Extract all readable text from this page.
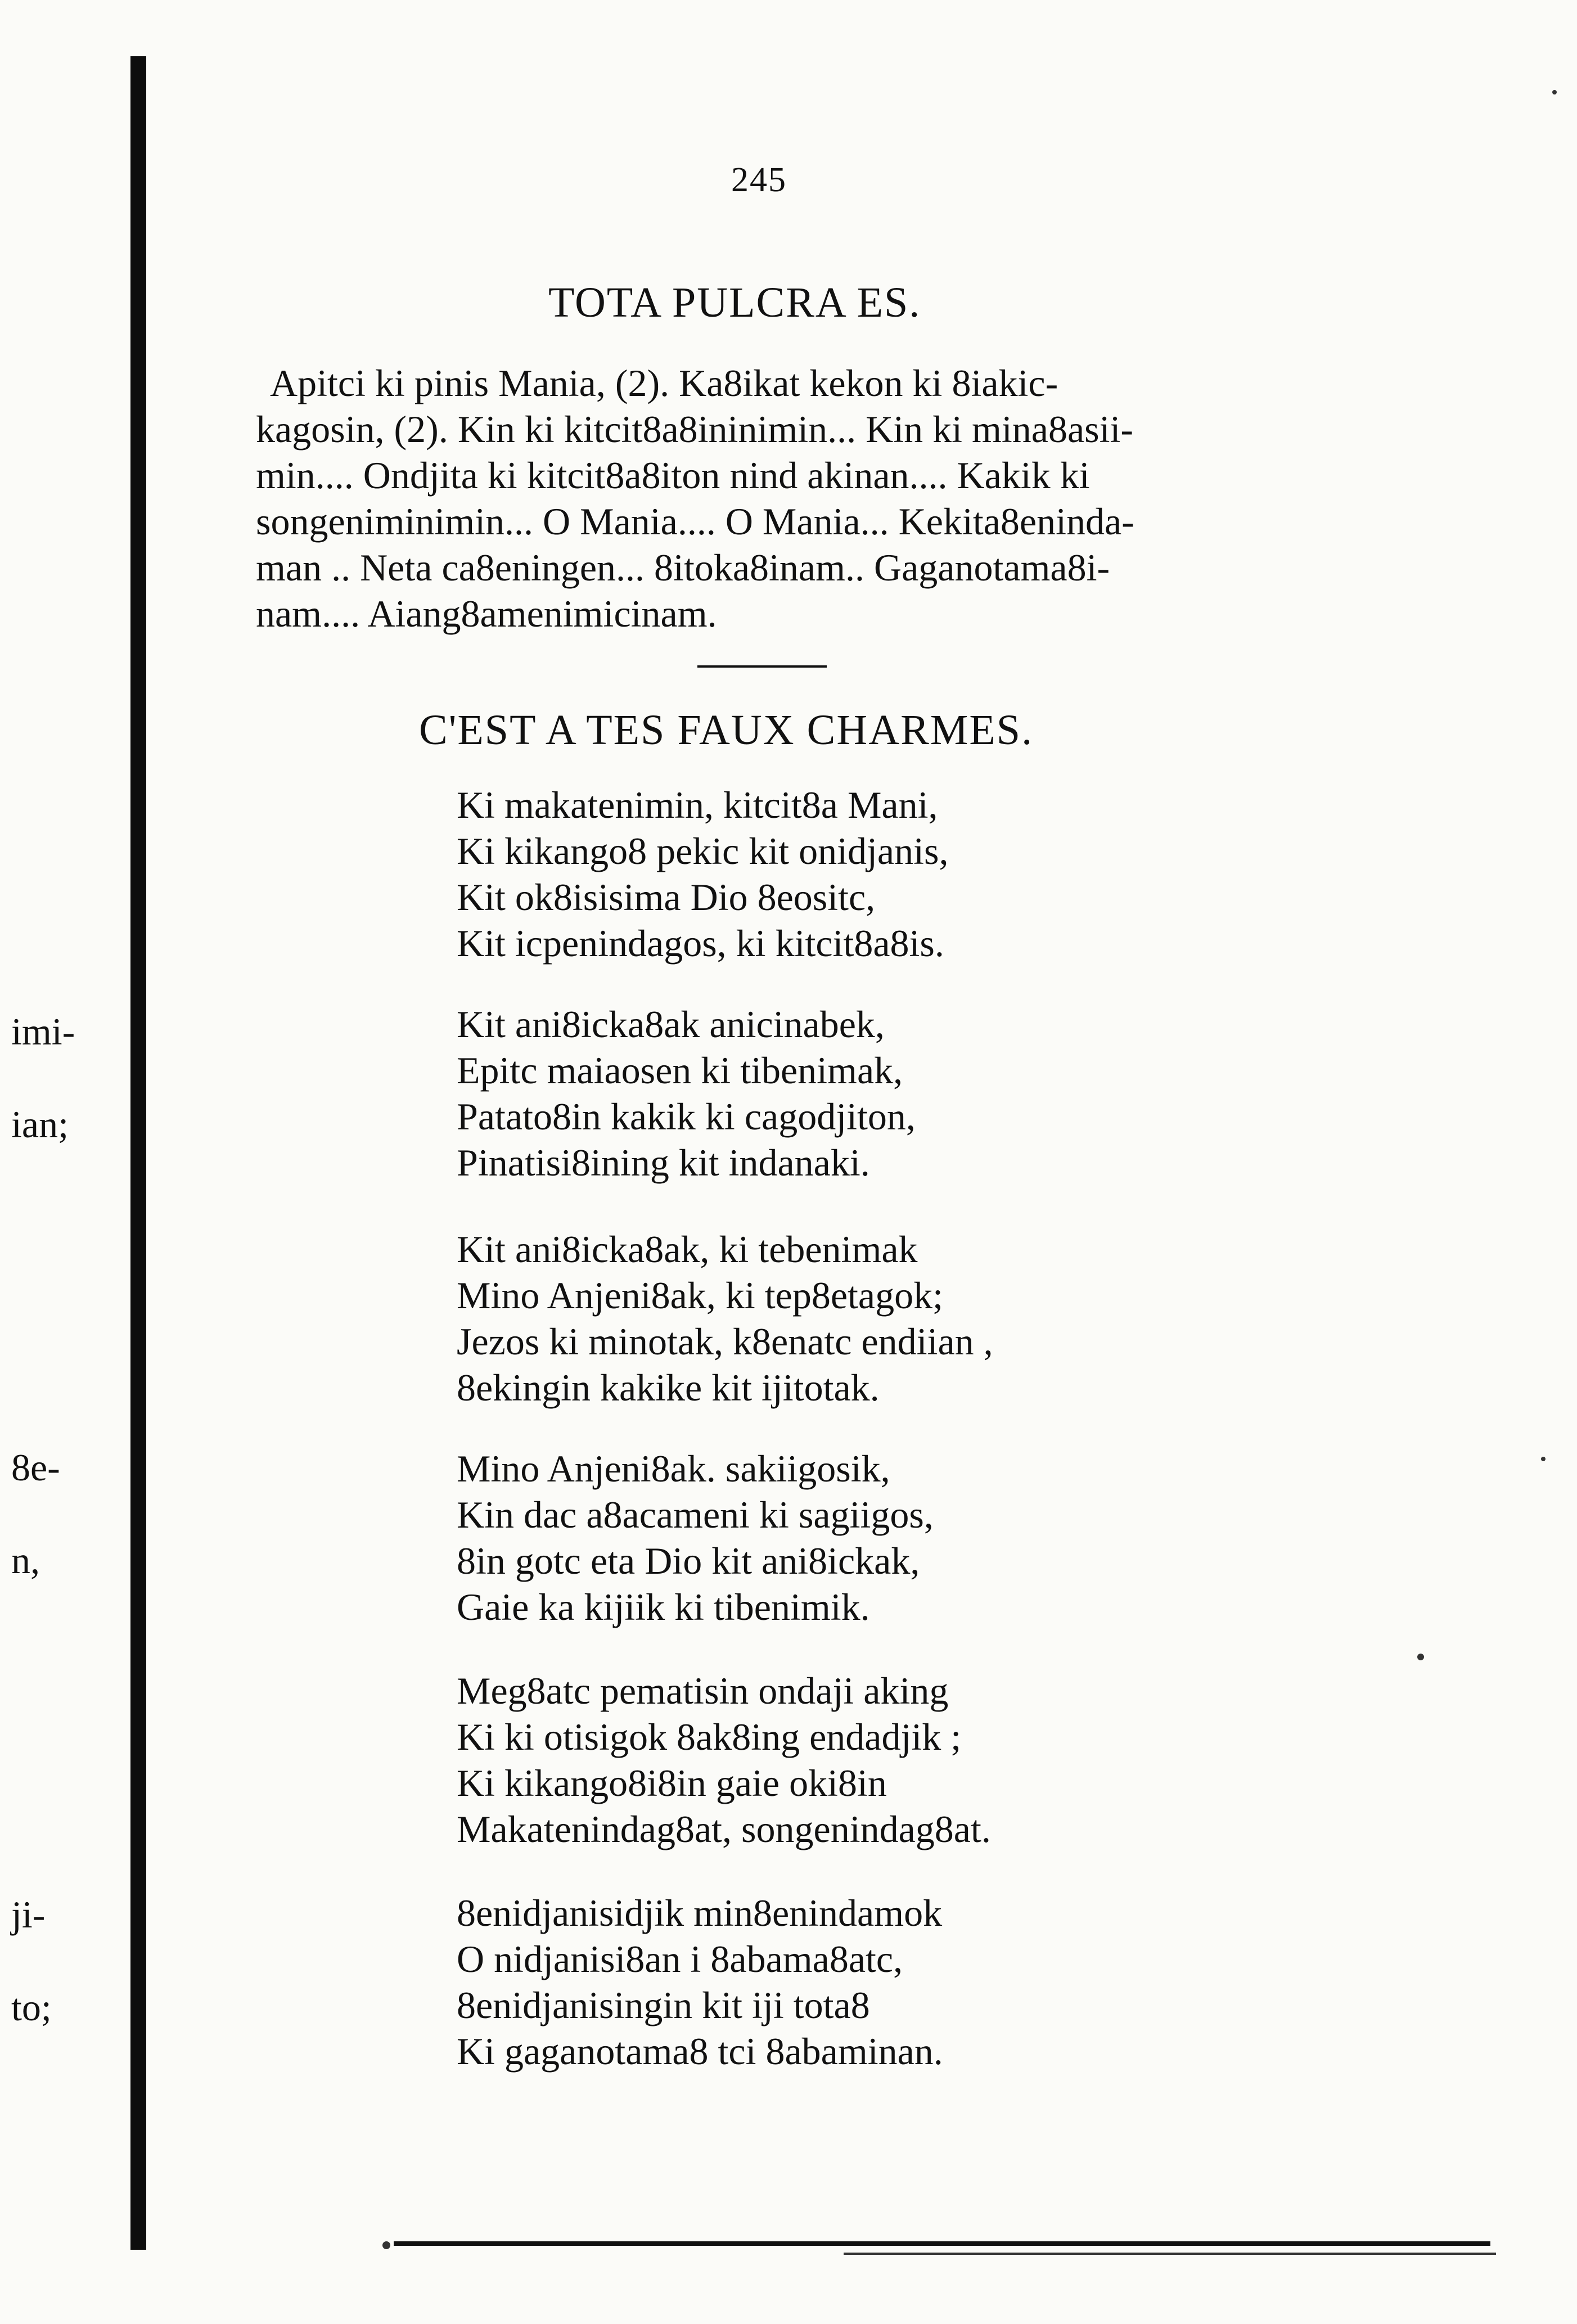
245
TOTA PULCRA ES.
Apitci ki pinis Mania, (2). Ka8ikat kekon ki 8iakic-
kagosin, (2). Kin ki kitcit8a8ininimin... Kin ki mina8asii-
min.... Ondjita ki kitcit8a8iton nind akinan.... Kakik ki
songeniminimin... O Mania.... O Mania... Kekita8eninda-
man .. Neta ca8eningen... 8itoka8inam.. Gaganotama8i-
nam.... Aiang8amenimicinam.
C'EST A TES FAUX CHARMES.
Ki makatenimin, kitcit8a Mani,
Ki kikango8 pekic kit onidjanis,
Kit ok8isisima Dio 8eositc,
Kit icpenindagos, ki kitcit8a8is.
Kit ani8icka8ak anicinabek,
Epitc maiaosen ki tibenimak,
Patato8in kakik ki cagodjiton,
Pinatisi8ining kit indanaki.
Kit ani8icka8ak, ki tebenimak
Mino Anjeni8ak, ki tep8etagok;
Jezos ki minotak, k8enatc endiian ,
8ekingin kakike kit ijitotak.
Mino Anjeni8ak. sakiigosik,
Kin dac a8acameni ki sagiigos,
8in gotc eta Dio kit ani8ickak,
Gaie ka kijiik ki tibenimik.
Meg8atc pematisin ondaji aking
Ki ki otisigok 8ak8ing endadjik ;
Ki kikango8i8in gaie oki8in
Makatenindag8at, songenindag8at.
8enidjanisidjik min8enindamok
O nidjanisi8an i 8abama8atc,
8enidjanisingin kit iji tota8
Ki gaganotama8 tci 8abaminan.
imi-
ian;
8e-
n,
ji-
to;
